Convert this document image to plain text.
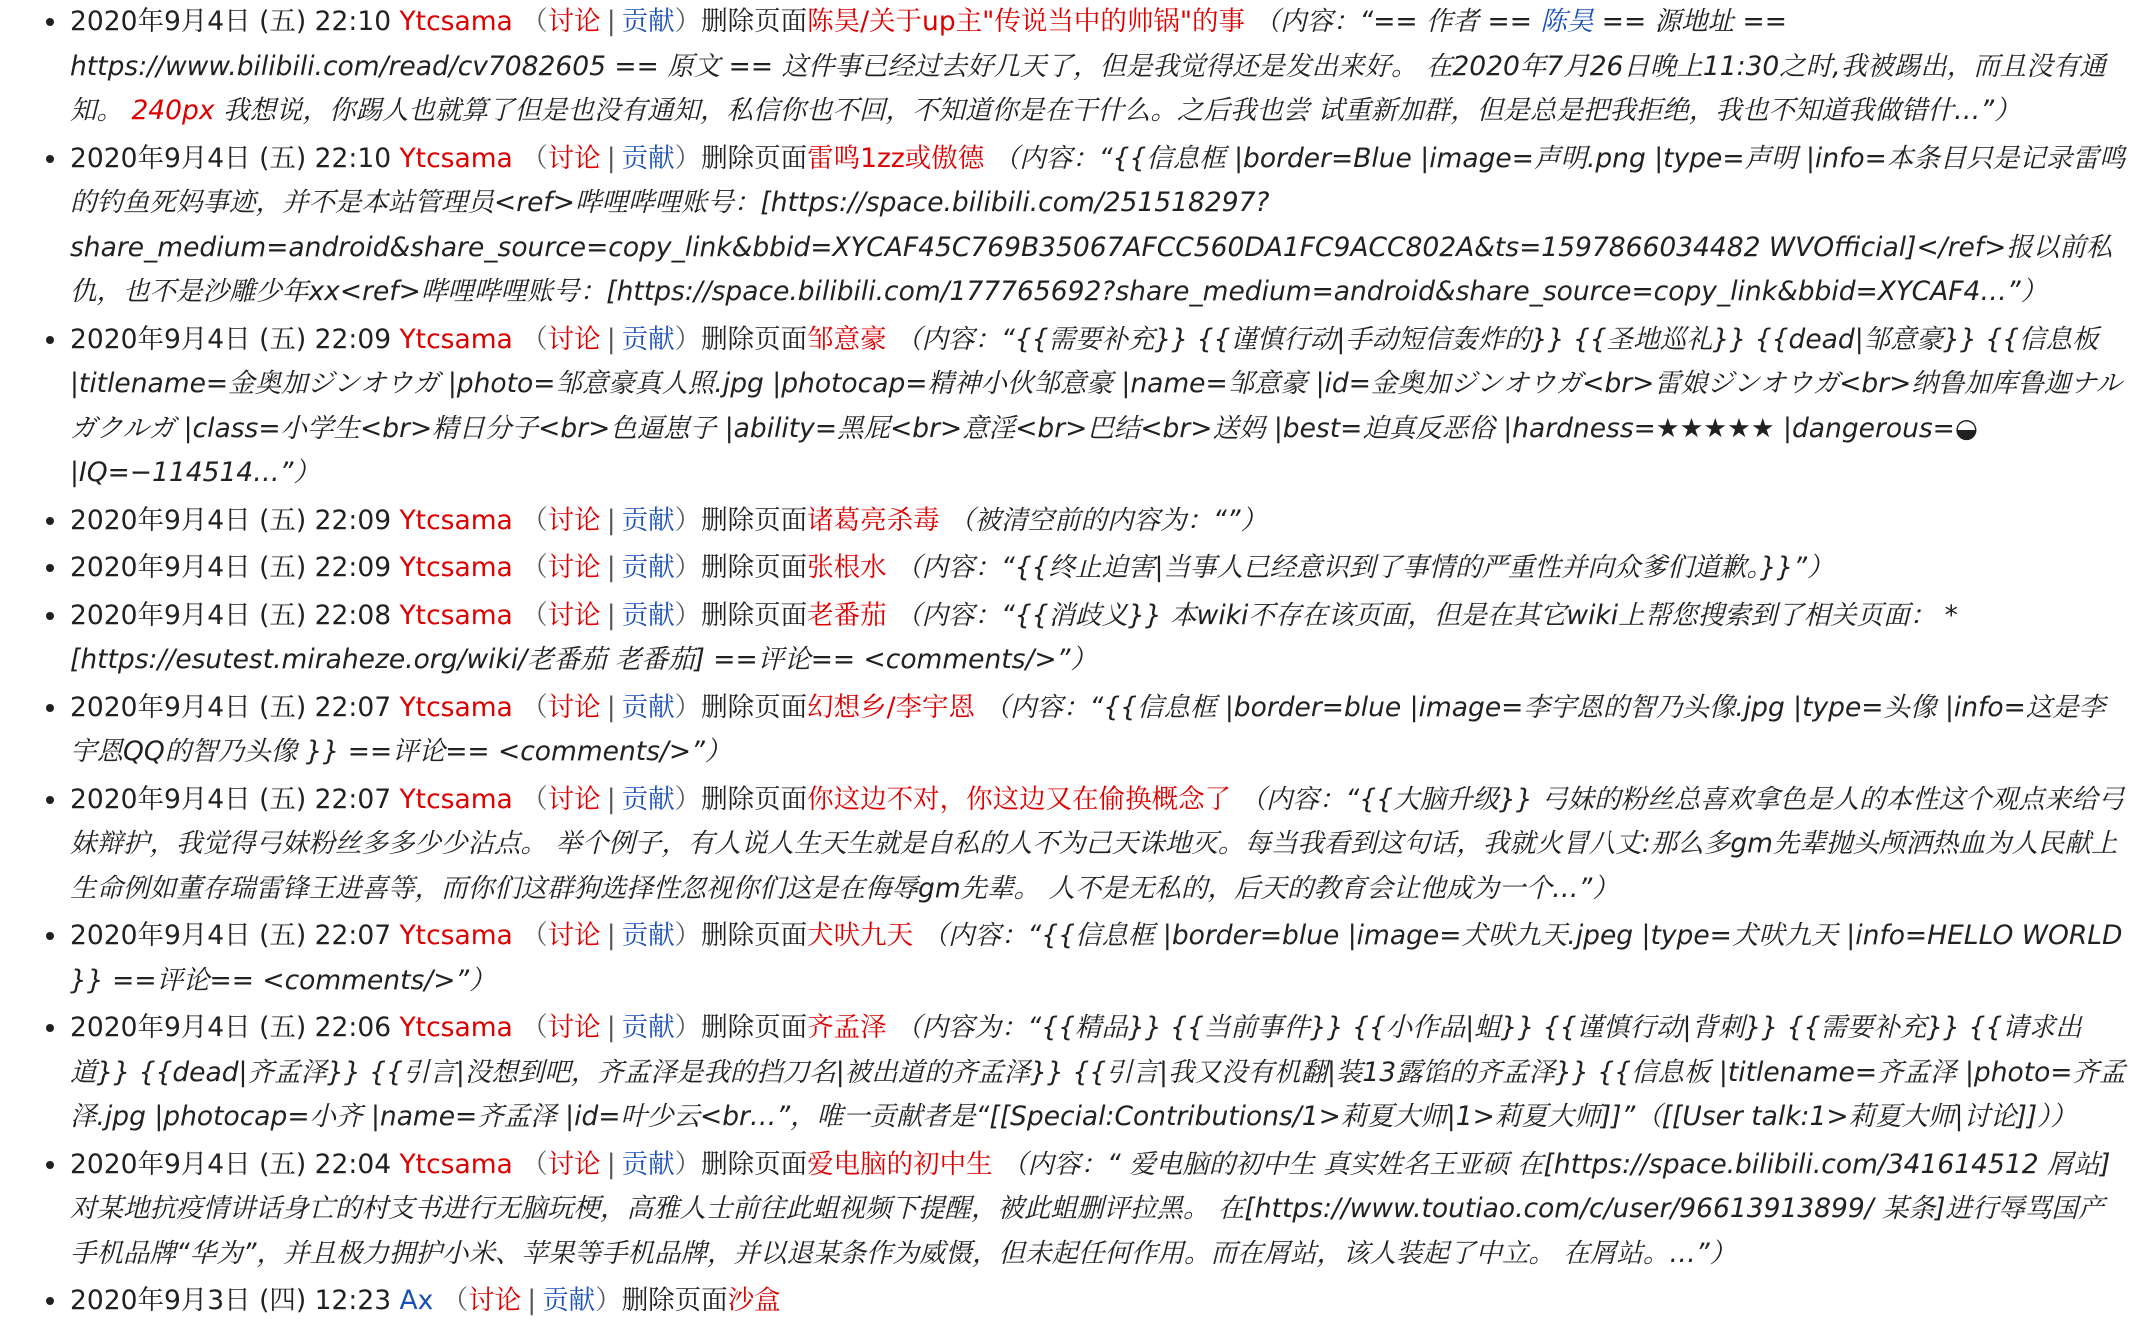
2020年9月4日 (五) 22:10 Ytcsama （讨论 | 贡献）删除页面陈昊/关于up主"传说当中的帅锅"的事 （内容：“== 作者 == 陈昊 == 源地址 == https://www.bilibili.com/read/cv7082605 == 原文 == 这件事已经过去好几天了，但是我觉得还是发出来好。 在2020年7月26日晚上11:30之时,我被踢出，而且没有通知。 240px 我想说，你踢人也就算了但是也没有通知，私信你也不回，不知道你是在干什么。之后我也尝 试重新加群，但是总是把我拒绝，我也不知道我做错什…”）
2020年9月4日 (五) 22:10 Ytcsama （讨论 | 贡献）删除页面雷鸣1zz或傲德 （内容：“{{信息框 |border=Blue |image=声明.png |type=声明 |info=本条目只是记录雷鸣的钓鱼死妈事迹，并不是本站管理员<ref>哔哩哔哩账号：[https://space.bilibili.com/251518297?share_medium=android&share_source=copy_link&bbid=XYCAF45C769B35067AFCC560DA1FC9ACC802A&ts=1597866034482 WVOfficial]</ref>报以前私仇，也不是沙雕少年xx<ref>哔哩哔哩账号：[https://space.bilibili.com/177765692?share_medium=android&share_source=copy_link&bbid=XYCAF4…”）
2020年9月4日 (五) 22:09 Ytcsama （讨论 | 贡献）删除页面邹意豪 （内容：“{{需要补充}} {{谨慎行动|手动短信轰炸的}} {{圣地巡礼}} {{dead|邹意豪}} {{信息板 |titlename=金奥加ジンオウガ |photo=邹意豪真人照.jpg |photocap=精神小伙邹意豪 |name=邹意豪 |id=金奥加ジンオウガ<br>雷娘ジンオウガ<br>纳鲁加库鲁迦ナルガクルガ |class=小学生<br>精日分子<br>色逼崽子 |ability=黑屁<br>意淫<br>巴结<br>送妈 |best=迫真反恶俗 |hardness=★★★★★ |dangerous=◒ |IQ=−114514…”）
2020年9月4日 (五) 22:09 Ytcsama （讨论 | 贡献）删除页面诸葛亮杀毒 （被清空前的内容为：“”）
2020年9月4日 (五) 22:09 Ytcsama （讨论 | 贡献）删除页面张根水 （内容：“{{终止迫害|当事人已经意识到了事情的严重性并向众爹们道歉。}}”）
2020年9月4日 (五) 22:08 Ytcsama （讨论 | 贡献）删除页面老番茄 （内容：“{{消歧义}} 本wiki不存在该页面，但是在其它wiki上帮您搜索到了相关页面： * [https://esutest.miraheze.org/wiki/老番茄 老番茄] ==评论== <comments/>”）
2020年9月4日 (五) 22:07 Ytcsama （讨论 | 贡献）删除页面幻想乡/李宇恩 （内容：“{{信息框 |border=blue |image=李宇恩的智乃头像.jpg |type=头像 |info=这是李宇恩QQ的智乃头像 }} ==评论== <comments/>”）
2020年9月4日 (五) 22:07 Ytcsama （讨论 | 贡献）删除页面你这边不对，你这边又在偷换概念了 （内容：“{{大脑升级}} 弓妹的粉丝总喜欢拿色是人的本性这个观点来给弓妹辩护，我觉得弓妹粉丝多多少少沾点。 举个例子，有人说人生天生就是自私的人不为己天诛地灭。每当我看到这句话，我就火冒八丈:那么多gm先辈抛头颅洒热血为人民献上生命例如董存瑞雷锋王进喜等，而你们这群狗选择性忽视你们这是在侮辱gm先辈。 人不是无私的，后天的教育会让他成为一个…”）
2020年9月4日 (五) 22:07 Ytcsama （讨论 | 贡献）删除页面犬吠九天 （内容：“{{信息框 |border=blue |image=犬吠九天.jpeg |type=犬吠九天 |info=HELLO WORLD }} ==评论== <comments/>”）
2020年9月4日 (五) 22:06 Ytcsama （讨论 | 贡献）删除页面齐孟泽 （内容为：“{{精品}} {{当前事件}} {{小作品|蛆}} {{谨慎行动|背刺}} {{需要补充}} {{请求出道}} {{dead|齐孟泽}} {{引言|没想到吧，齐孟泽是我的挡刀名|被出道的齐孟泽}} {{引言|我又没有机翻|装13露馅的齐孟泽}} {{信息板 |titlename=齐孟泽 |photo=齐孟泽.jpg |photocap=小齐 |name=齐孟泽 |id=叶少云<br…”，唯一贡献者是“[[Special:Contributions/1>莉夏大师|1>莉夏大师]]”（[[User talk:1>莉夏大师|讨论]]））
2020年9月4日 (五) 22:04 Ytcsama （讨论 | 贡献）删除页面爱电脑的初中生 （内容：“ 爱电脑的初中生 真实姓名王亚硕 在[https://space.bilibili.com/341614512 屑站] 对某地抗疫情讲话身亡的村支书进行无脑玩梗，高雅人士前往此蛆视频下提醒，被此蛆删评拉黑。 在[https://www.toutiao.com/c/user/96613913899/ 某条]进行辱骂国产手机品牌“华为”，并且极力拥护小米、苹果等手机品牌，并以退某条作为威慑，但未起任何作用。而在屑站，该人装起了中立。 在屑站。…”）
2020年9月3日 (四) 12:23 Ax （讨论 | 贡献）删除页面沙盒
